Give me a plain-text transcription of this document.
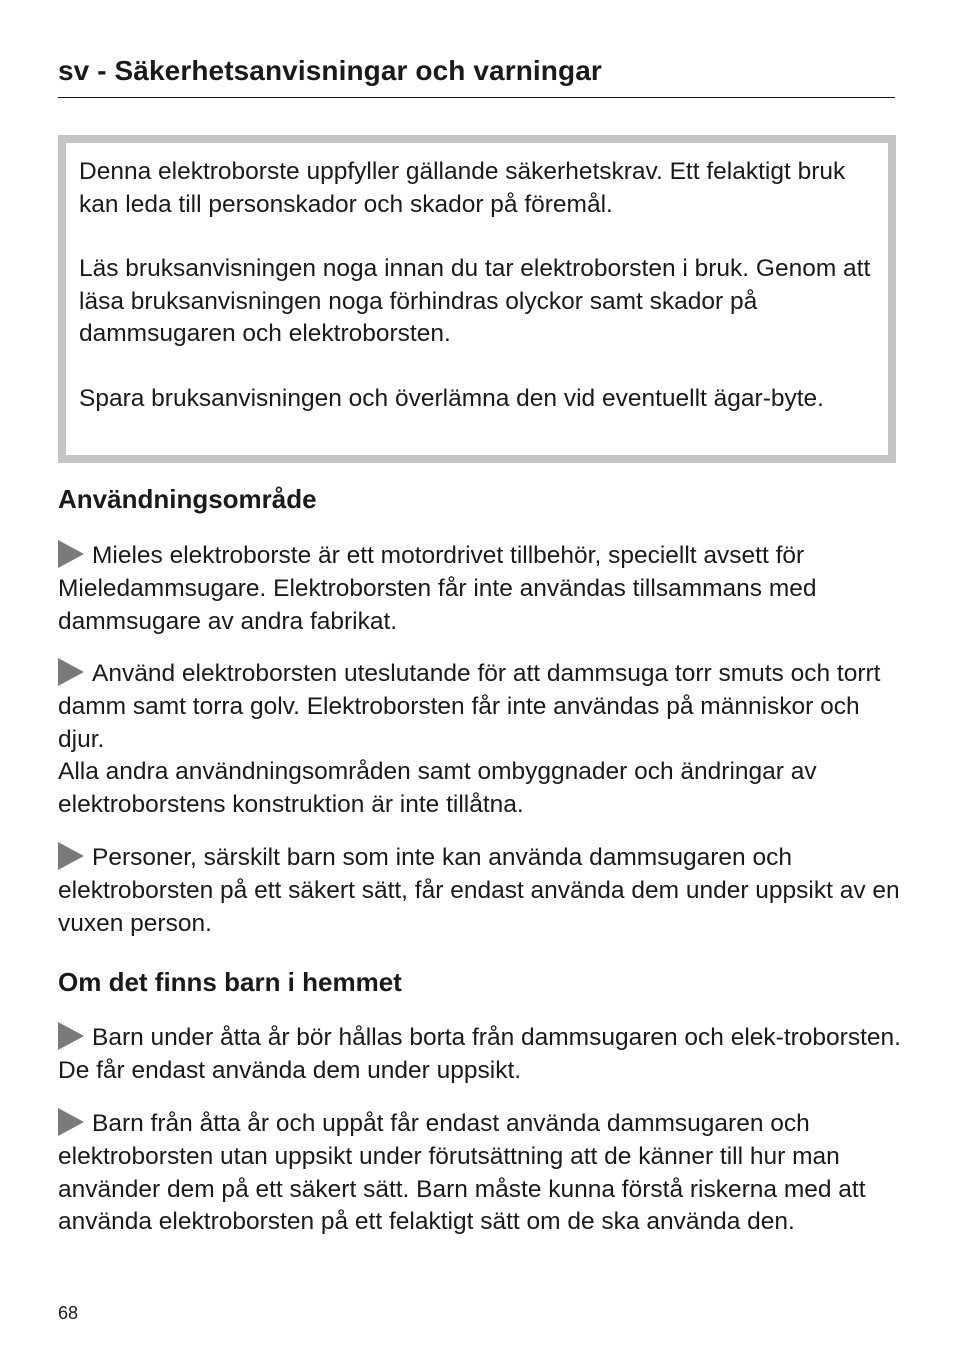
sv - Säkerhetsanvisningar och varningar

Denna elektroborste uppfyller gällande säkerhetskrav. Ett felaktigt bruk kan leda till personskador och skador på föremål.

Läs bruksanvisningen noga innan du tar elektroborsten i bruk. Genom att läsa bruksanvisningen noga förhindras olyckor samt skador på dammsugaren och elektroborsten.

Spara bruksanvisningen och överlämna den vid eventuellt ägar-byte.

Användningsområde

Mieles elektroborste är ett motordrivet tillbehör, speciellt avsett för Mieledammsugare. Elektroborsten får inte användas tillsammans med dammsugare av andra fabrikat.

Använd elektroborsten uteslutande för att dammsuga torr smuts och torrt damm samt torra golv. Elektroborsten får inte användas på människor och djur.
Alla andra användningsområden samt ombyggnader och ändringar av elektroborstens konstruktion är inte tillåtna.

Personer, särskilt barn som inte kan använda dammsugaren och elektroborsten på ett säkert sätt, får endast använda dem under uppsikt av en vuxen person.

Om det finns barn i hemmet

Barn under åtta år bör hållas borta från dammsugaren och elek-troborsten. De får endast använda dem under uppsikt.

Barn från åtta år och uppåt får endast använda dammsugaren och elektroborsten utan uppsikt under förutsättning att de känner till hur man använder dem på ett säkert sätt. Barn måste kunna förstå riskerna med att använda elektroborsten på ett felaktigt sätt om de ska använda den.

68
